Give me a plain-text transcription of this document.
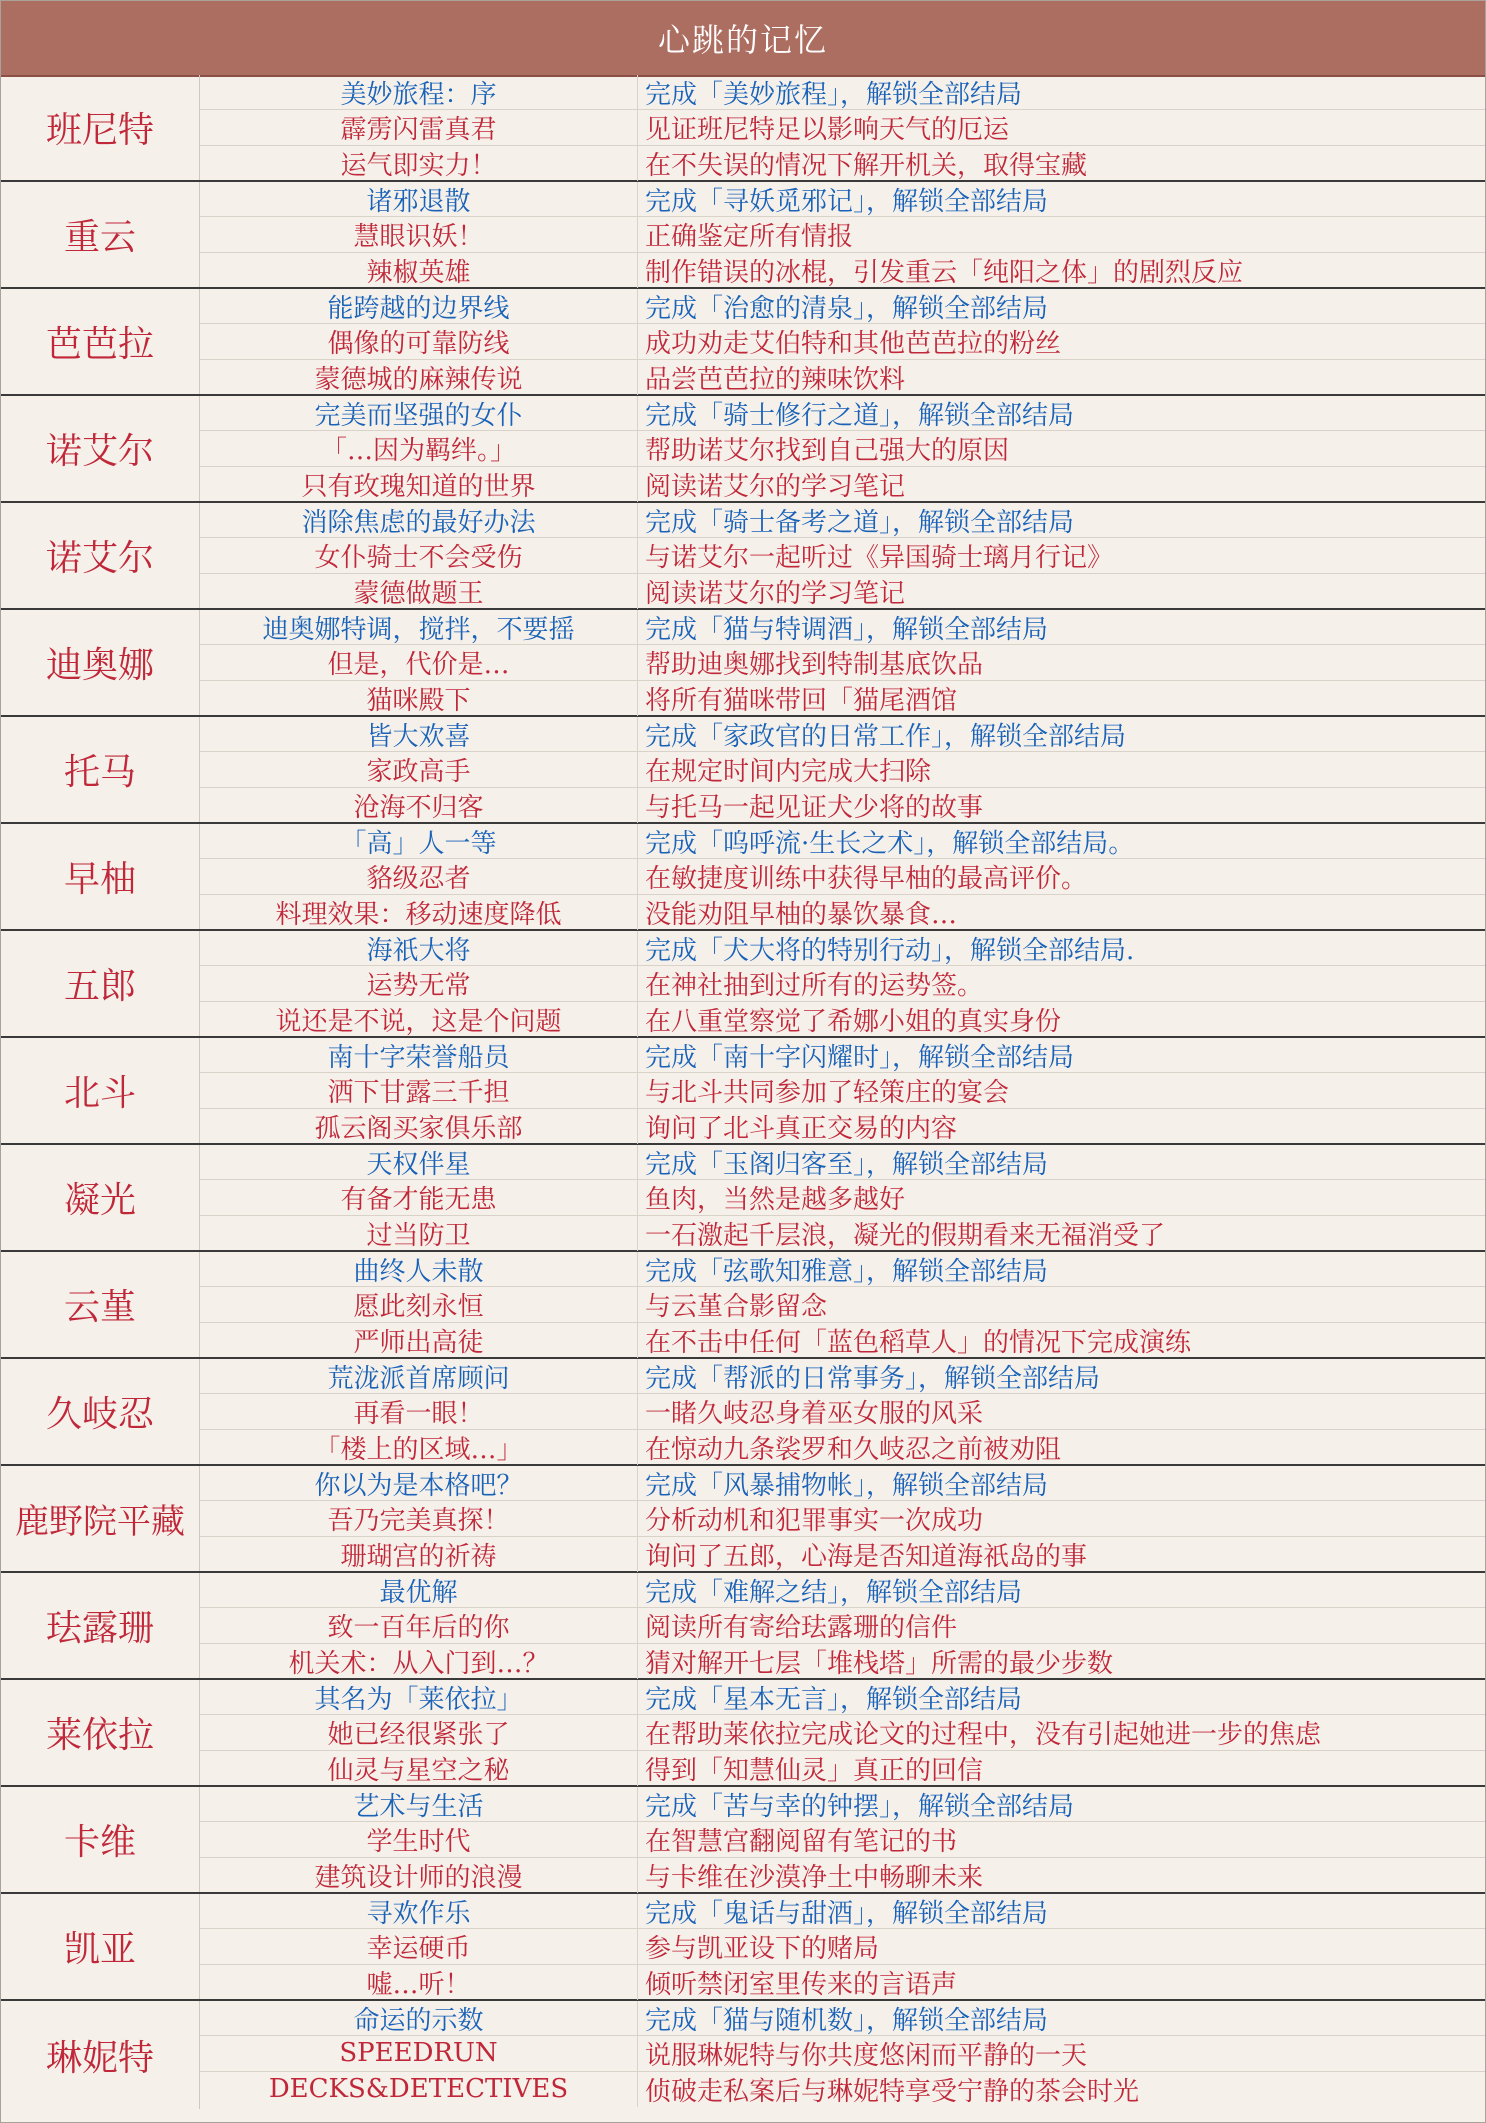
心跳的记忆
班尼特
美妙旅程：序	完成「美妙旅程」，解锁全部结局
霹雳闪雷真君	见证班尼特足以影响天气的厄运
运气即实力！	在不失误的情况下解开机关，取得宝藏
重云
诸邪退散	完成「寻妖觅邪记」，解锁全部结局
慧眼识妖！	正确鉴定所有情报
辣椒英雄	制作错误的冰棍，引发重云「纯阳之体」的剧烈反应
芭芭拉
能跨越的边界线	完成「治愈的清泉」，解锁全部结局
偶像的可靠防线	成功劝走艾伯特和其他芭芭拉的粉丝
蒙德城的麻辣传说	品尝芭芭拉的辣味饮料
诺艾尔
完美而坚强的女仆	完成「骑士修行之道」，解锁全部结局
「…因为羁绊。」	帮助诺艾尔找到自己强大的原因
只有玫瑰知道的世界	阅读诺艾尔的学习笔记
诺艾尔
消除焦虑的最好办法	完成「骑士备考之道」，解锁全部结局
女仆骑士不会受伤	与诺艾尔一起听过《异国骑士璃月行记》
蒙德做题王	阅读诺艾尔的学习笔记
迪奥娜
迪奥娜特调，搅拌，不要摇	完成「猫与特调酒」，解锁全部结局
但是，代价是…	帮助迪奥娜找到特制基底饮品
猫咪殿下	将所有猫咪带回「猫尾酒馆
托马
皆大欢喜	完成「家政官的日常工作」，解锁全部结局
家政高手	在规定时间内完成大扫除
沧海不归客	与托马一起见证犬少将的故事
早柚
「高」人一等	完成「呜呼流·生长之术」，解锁全部结局。
貉级忍者	在敏捷度训练中获得早柚的最高评价。
料理效果：移动速度降低	没能劝阻早柚的暴饮暴食…
五郎
海祇大将	完成「犬大将的特别行动」，解锁全部结局.
运势无常	在神社抽到过所有的运势签。
说还是不说，这是个问题	在八重堂察觉了希娜小姐的真实身份
北斗
南十字荣誉船员	完成「南十字闪耀时」，解锁全部结局
洒下甘露三千担	与北斗共同参加了轻策庄的宴会
孤云阁买家俱乐部	询问了北斗真正交易的内容
凝光
天权伴星	完成「玉阁归客至」，解锁全部结局
有备才能无患	鱼肉，当然是越多越好
过当防卫	一石激起千层浪，凝光的假期看来无福消受了
云堇
曲终人未散	完成「弦歌知雅意」，解锁全部结局
愿此刻永恒	与云堇合影留念
严师出高徒	在不击中任何「蓝色稻草人」的情况下完成演练
久岐忍
荒泷派首席顾问	完成「帮派的日常事务」，解锁全部结局
再看一眼！	一睹久岐忍身着巫女服的风采
「楼上的区域…」	在惊动九条裟罗和久岐忍之前被劝阻
鹿野院平藏
你以为是本格吧？	完成「风暴捕物帐」，解锁全部结局
吾乃完美真探！	分析动机和犯罪事实一次成功
珊瑚宫的祈祷	询问了五郎，心海是否知道海祇岛的事
珐露珊
最优解	完成「难解之结」，解锁全部结局
致一百年后的你	阅读所有寄给珐露珊的信件
机关术：从入门到…？	猜对解开七层「堆栈塔」所需的最少步数
莱依拉
其名为「莱依拉」	完成「星本无言」，解锁全部结局
她已经很紧张了	在帮助莱依拉完成论文的过程中，没有引起她进一步的焦虑
仙灵与星空之秘	得到「知慧仙灵」真正的回信
卡维
艺术与生活	完成「苦与幸的钟摆」，解锁全部结局
学生时代	在智慧宫翻阅留有笔记的书
建筑设计师的浪漫	与卡维在沙漠净土中畅聊未来
凯亚
寻欢作乐	完成「鬼话与甜酒」，解锁全部结局
幸运硬币	参与凯亚设下的赌局
嘘…听！	倾听禁闭室里传来的言语声
琳妮特
命运的示数	完成「猫与随机数」，解锁全部结局
SPEEDRUN	说服琳妮特与你共度悠闲而平静的一天
DECKS&DETECTIVES	侦破走私案后与琳妮特享受宁静的茶会时光
